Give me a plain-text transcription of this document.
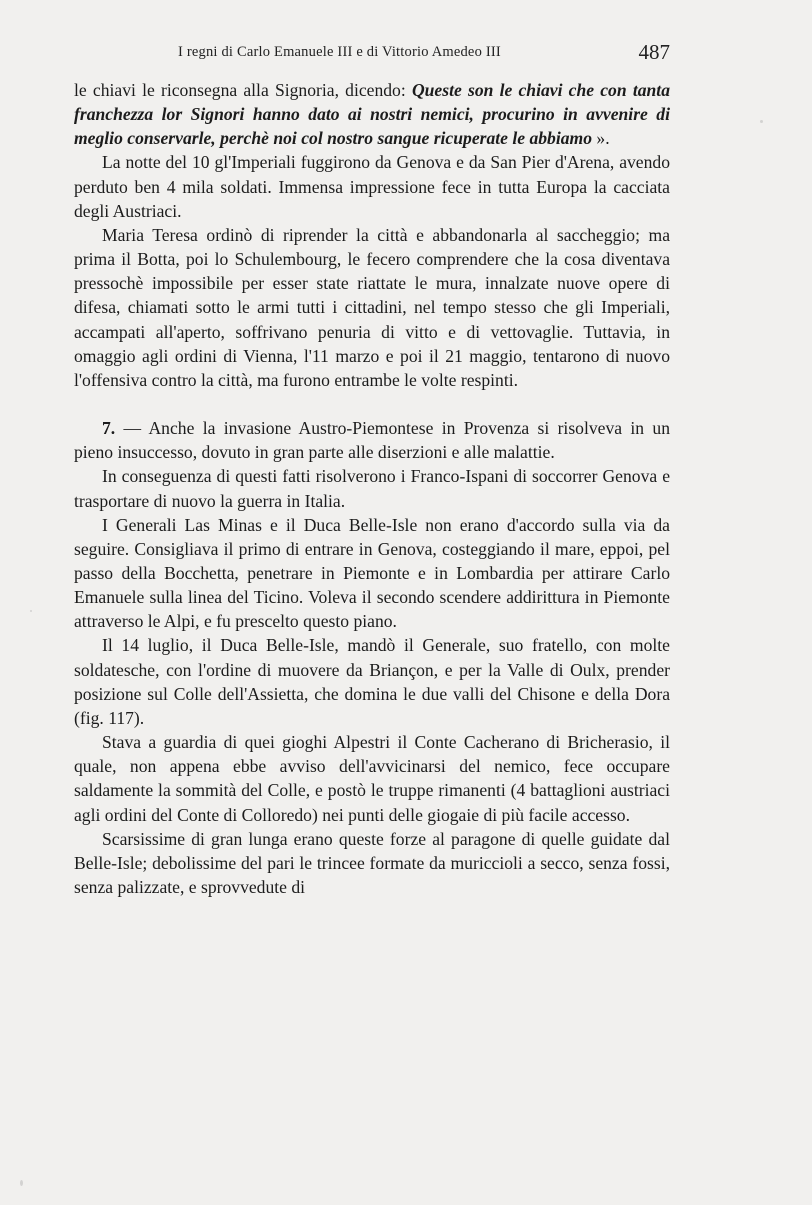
I regni di Carlo Emanuele III e di Vittorio Amedeo III	487

le chiavi le riconsegna alla Signoria, dicendo: Queste son le chiavi che con tanta franchezza lor Signori hanno dato ai nostri nemici, procurino in avvenire di meglio conservarle, perchè noi col nostro sangue ricuperate le abbiamo ».

La notte del 10 gl'Imperiali fuggirono da Genova e da San Pier d'Arena, avendo perduto ben 4 mila soldati. Immensa impressione fece in tutta Europa la cacciata degli Austriaci.

Maria Teresa ordinò di riprender la città e abbandonarla al saccheggio; ma prima il Botta, poi lo Schulembourg, le fecero comprendere che la cosa diventava pressochè impossibile per esser state riattate le mura, innalzate nuove opere di difesa, chiamati sotto le armi tutti i cittadini, nel tempo stesso che gli Imperiali, accampati all'aperto, soffrivano penuria di vitto e di vettovaglie. Tuttavia, in omaggio agli ordini di Vienna, l'11 marzo e poi il 21 maggio, tentarono di nuovo l'offensiva contro la città, ma furono entrambe le volte respinti.

7. — Anche la invasione Austro-Piemontese in Provenza si risolveva in un pieno insuccesso, dovuto in gran parte alle diserzioni e alle malattie.

In conseguenza di questi fatti risolverono i Franco-Ispani di soccorrer Genova e trasportare di nuovo la guerra in Italia.

I Generali Las Minas e il Duca Belle-Isle non erano d'accordo sulla via da seguire. Consigliava il primo di entrare in Genova, costeggiando il mare, eppoi, pel passo della Bocchetta, penetrare in Piemonte e in Lombardia per attirare Carlo Emanuele sulla linea del Ticino. Voleva il secondo scendere addirittura in Piemonte attraverso le Alpi, e fu prescelto questo piano.

Il 14 luglio, il Duca Belle-Isle, mandò il Generale, suo fratello, con molte soldatesche, con l'ordine di muovere da Briançon, e per la Valle di Oulx, prender posizione sul Colle dell'Assietta, che domina le due valli del Chisone e della Dora (fig. 117).

Stava a guardia di quei gioghi Alpestri il Conte Cacherano di Bricherasio, il quale, non appena ebbe avviso dell'avvicinarsi del nemico, fece occupare saldamente la sommità del Colle, e postò le truppe rimanenti (4 battaglioni austriaci agli ordini del Conte di Colloredo) nei punti delle giogaie di più facile accesso.

Scarsissime di gran lunga erano queste forze al paragone di quelle guidate dal Belle-Isle; debolissime del pari le trincee formate da muriccioli a secco, senza fossi, senza palizzate, e sprovvedute di
